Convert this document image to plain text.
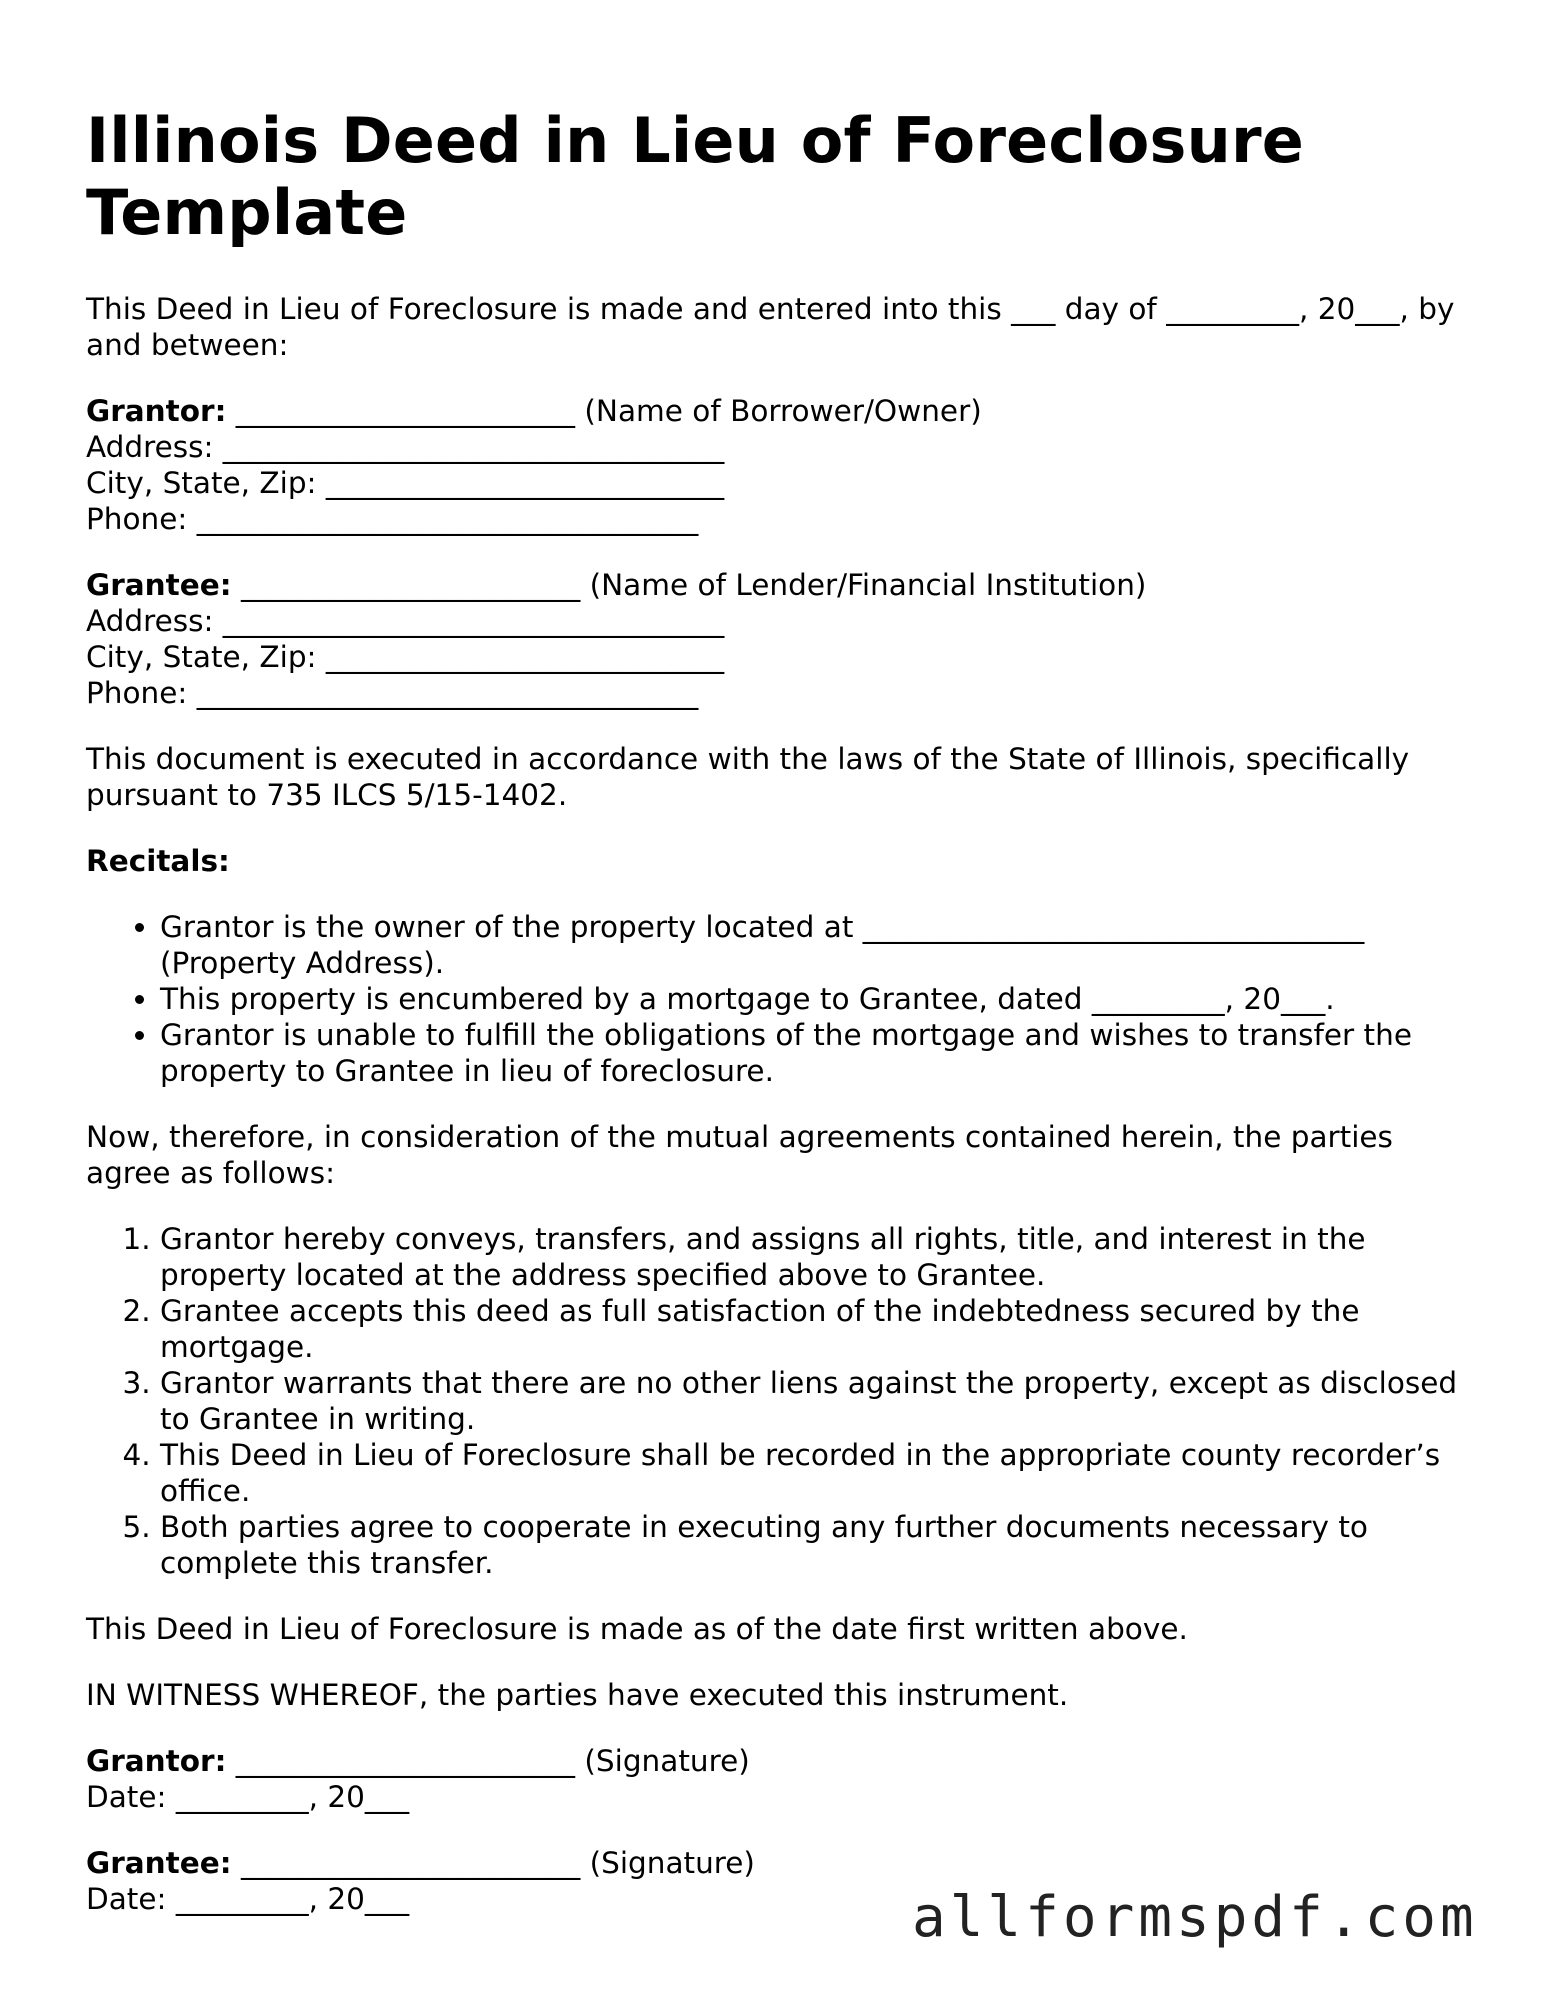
Illinois Deed in Lieu of Foreclosure Template

This Deed in Lieu of Foreclosure is made and entered into this ___ day of _________, 20___, by and between:

Grantor: _______________________ (Name of Borrower/Owner)
Address: __________________________________
City, State, Zip: ___________________________
Phone: __________________________________
Grantee: _______________________ (Name of Lender/Financial Institution)
Address: __________________________________
City, State, Zip: ___________________________
Phone: __________________________________

This document is executed in accordance with the laws of the State of Illinois, specifically pursuant to 735 ILCS 5/15-1402.

Recitals:
• Grantor is the owner of the property located at __________________________________ (Property Address).
• This property is encumbered by a mortgage to Grantee, dated _________, 20___.
• Grantor is unable to fulfill the obligations of the mortgage and wishes to transfer the property to Grantee in lieu of foreclosure.

Now, therefore, in consideration of the mutual agreements contained herein, the parties agree as follows:

1. Grantor hereby conveys, transfers, and assigns all rights, title, and interest in the property located at the address specified above to Grantee.
2. Grantee accepts this deed as full satisfaction of the indebtedness secured by the mortgage.
3. Grantor warrants that there are no other liens against the property, except as disclosed to Grantee in writing.
4. This Deed in Lieu of Foreclosure shall be recorded in the appropriate county recorder’s office.
5. Both parties agree to cooperate in executing any further documents necessary to complete this transfer.

This Deed in Lieu of Foreclosure is made as of the date first written above.

IN WITNESS WHEREOF, the parties have executed this instrument.

Grantor: _______________________ (Signature)
Date: _________, 20___
Grantee: _______________________ (Signature)
Date: _________, 20___	allformspdf.com
